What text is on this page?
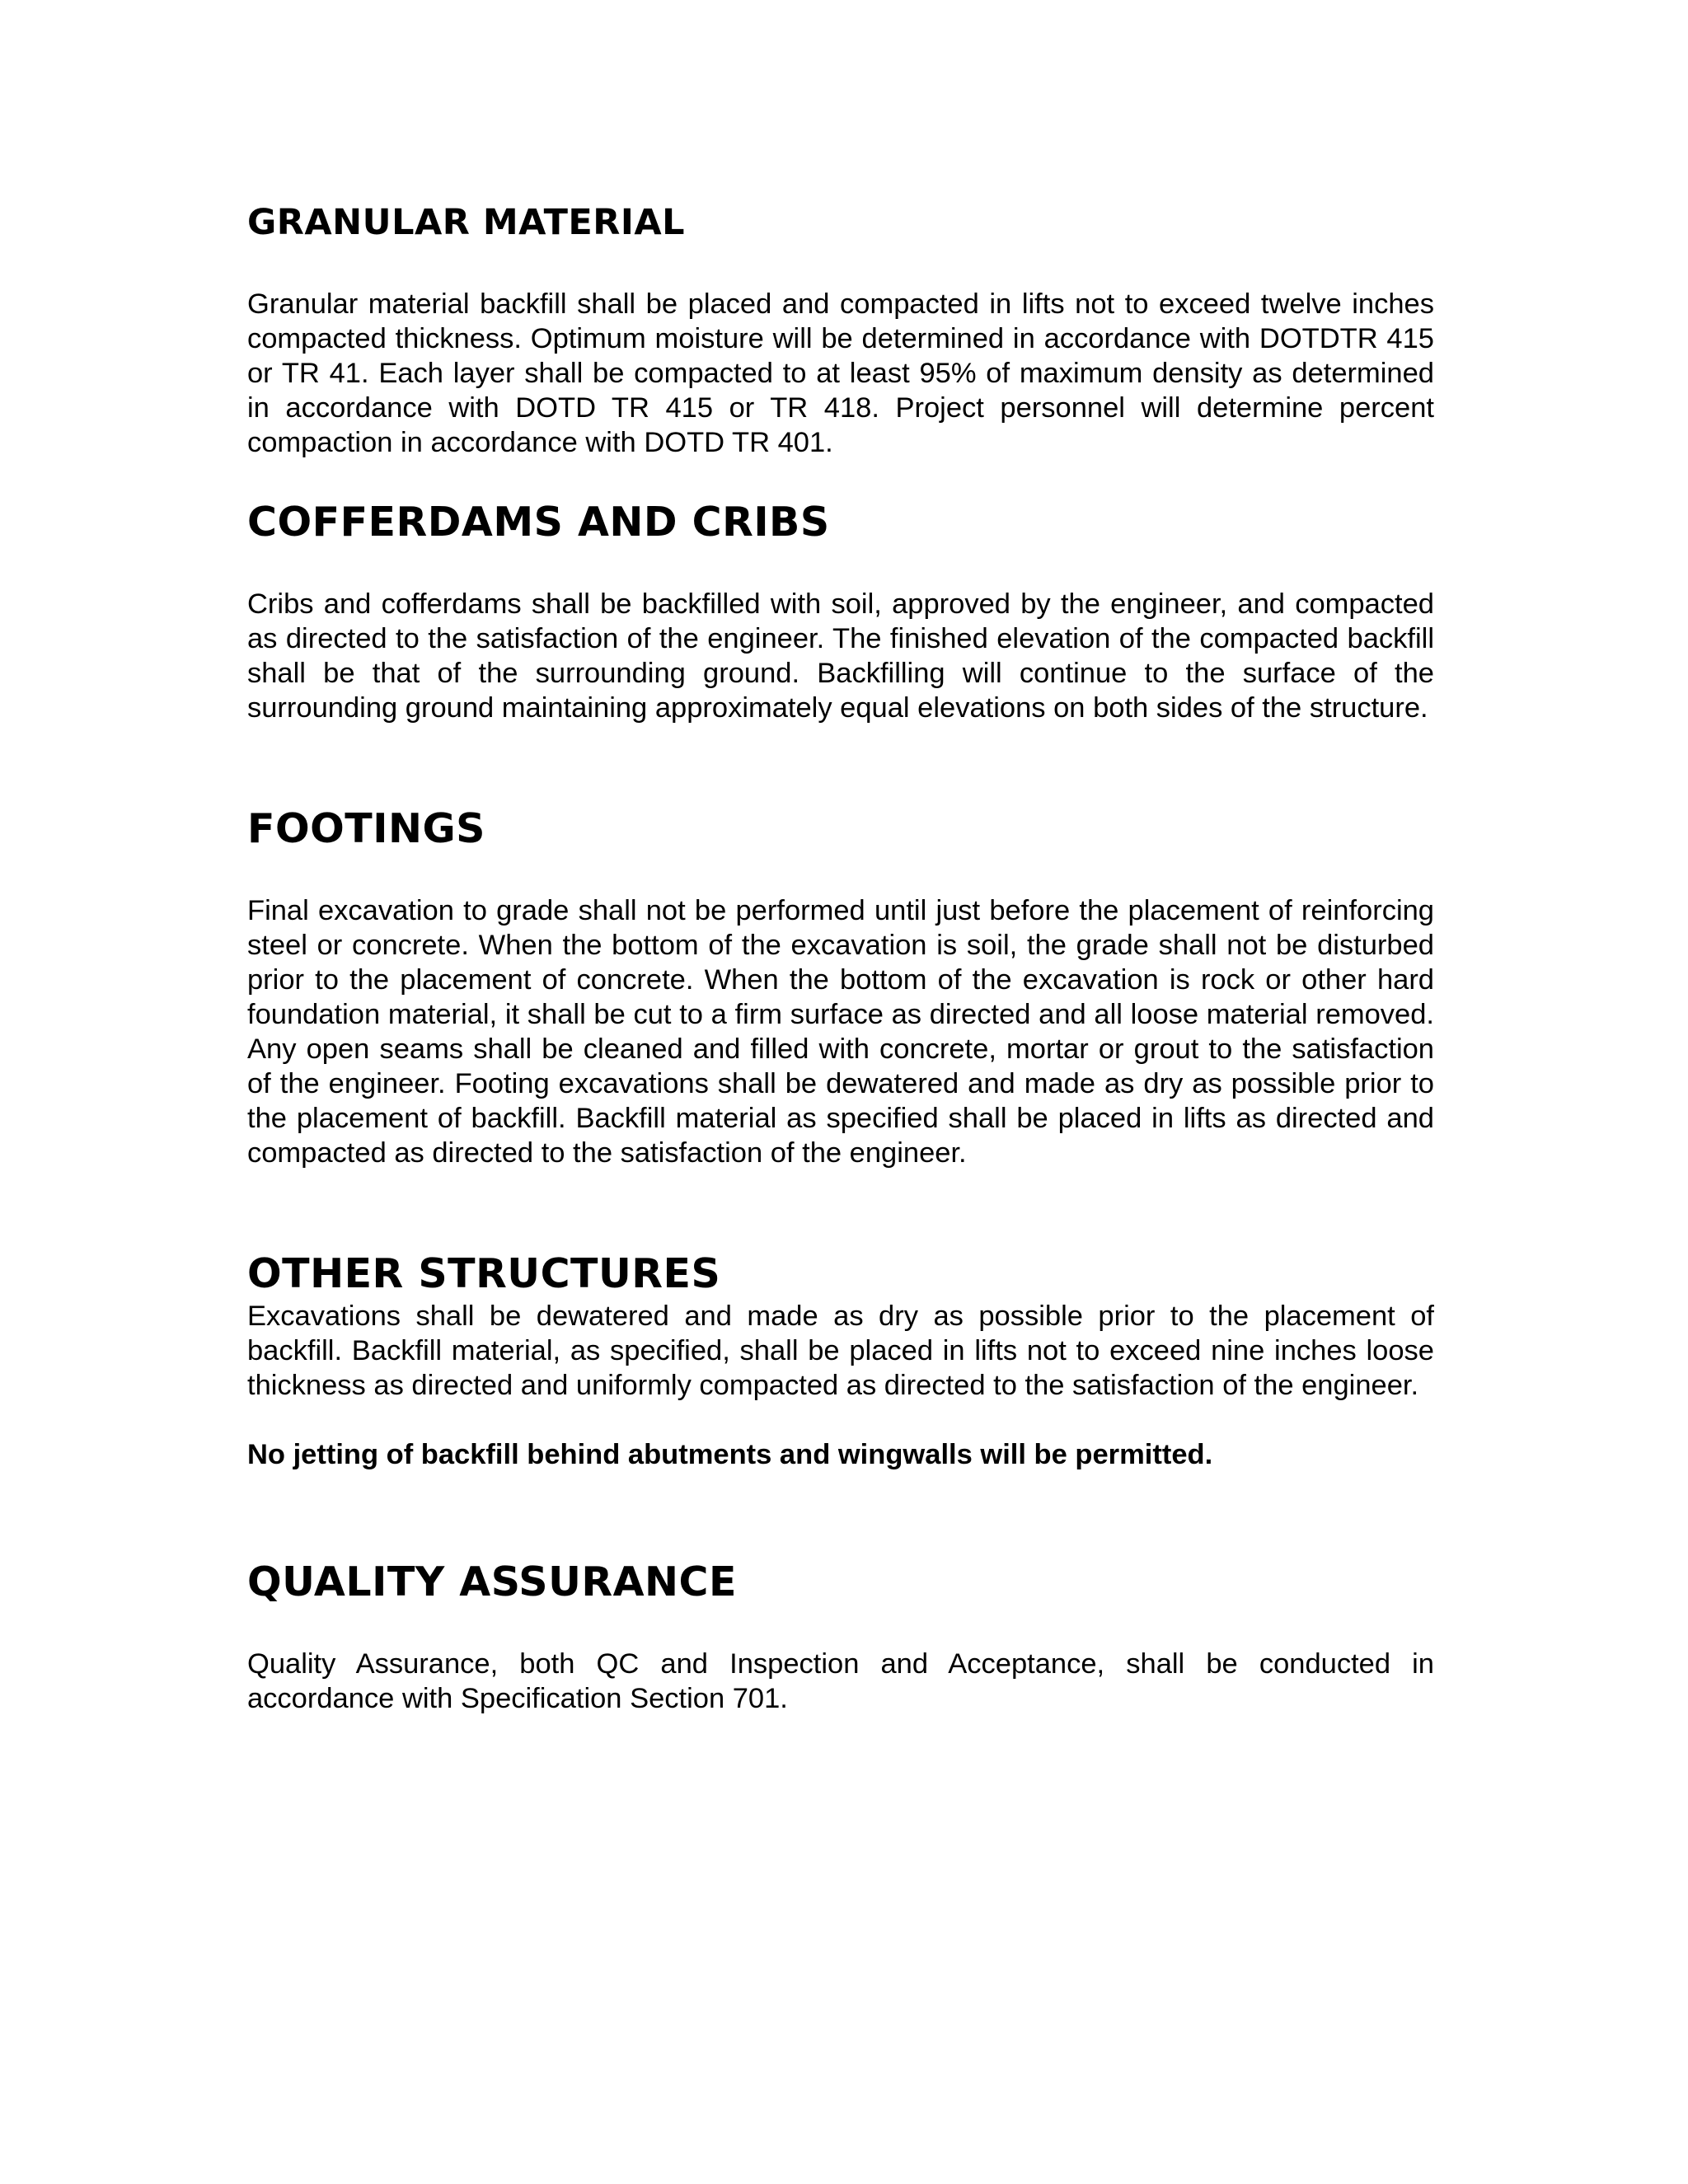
GRANULAR MATERIAL

Granular material backfill shall be placed and compacted in lifts not to exceed twelve inches compacted thickness. Optimum moisture will be determined in accordance with DOTDTR 415 or TR 41. Each layer shall be compacted to at least 95% of maximum density as determined in accordance with DOTD TR 415 or TR 418. Project personnel will determine percent compaction in accordance with DOTD TR 401.

COFFERDAMS AND CRIBS

Cribs and cofferdams shall be backfilled with soil, approved by the engineer, and compacted as directed to the satisfaction of the engineer. The finished elevation of the compacted backfill shall be that of the surrounding ground. Backfilling will continue to the surface of the surrounding ground maintaining approximately equal elevations on both sides of the structure.

FOOTINGS

Final excavation to grade shall not be performed until just before the placement of reinforcing steel or concrete. When the bottom of the excavation is soil, the grade shall not be disturbed prior to the placement of concrete. When the bottom of the excavation is rock or other hard foundation material, it shall be cut to a firm surface as directed and all loose material removed. Any open seams shall be cleaned and filled with concrete, mortar or grout to the satisfaction of the engineer. Footing excavations shall be dewatered and made as dry as possible prior to the placement of backfill. Backfill material as specified shall be placed in lifts as directed and compacted as directed to the satisfaction of the engineer.

OTHER STRUCTURES

Excavations shall be dewatered and made as dry as possible prior to the placement of backfill. Backfill material, as specified, shall be placed in lifts not to exceed nine inches loose thickness as directed and uniformly compacted as directed to the satisfaction of the engineer.

No jetting of backfill behind abutments and wingwalls will be permitted.

QUALITY ASSURANCE

Quality Assurance, both QC and Inspection and Acceptance, shall be conducted in accordance with Specification Section 701.
